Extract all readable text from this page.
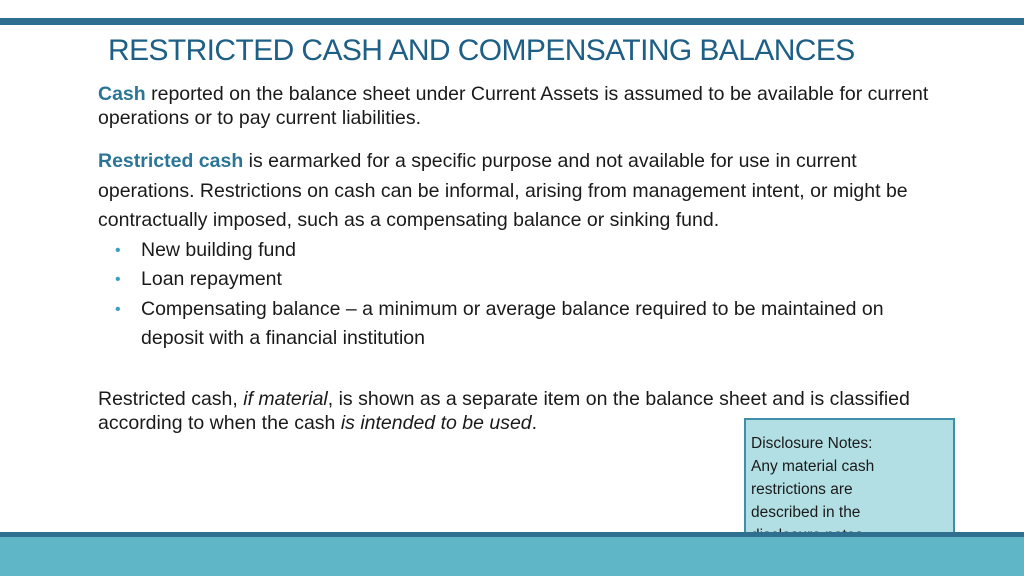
RESTRICTED CASH AND COMPENSATING BALANCES
Cash reported on the balance sheet under Current Assets is assumed to be available for current operations or to pay current liabilities.
Restricted cash is earmarked for a specific purpose and not available for use in current operations. Restrictions on cash can be informal, arising from management intent, or might be contractually imposed, such as a compensating balance or sinking fund.
• New building fund
• Loan repayment
• Compensating balance – a minimum or average balance required to be maintained on deposit with a financial institution
Restricted cash, if material, is shown as a separate item on the balance sheet and is classified according to when the cash is intended to be used.
Disclosure Notes:
Any material cash restrictions are described in the
